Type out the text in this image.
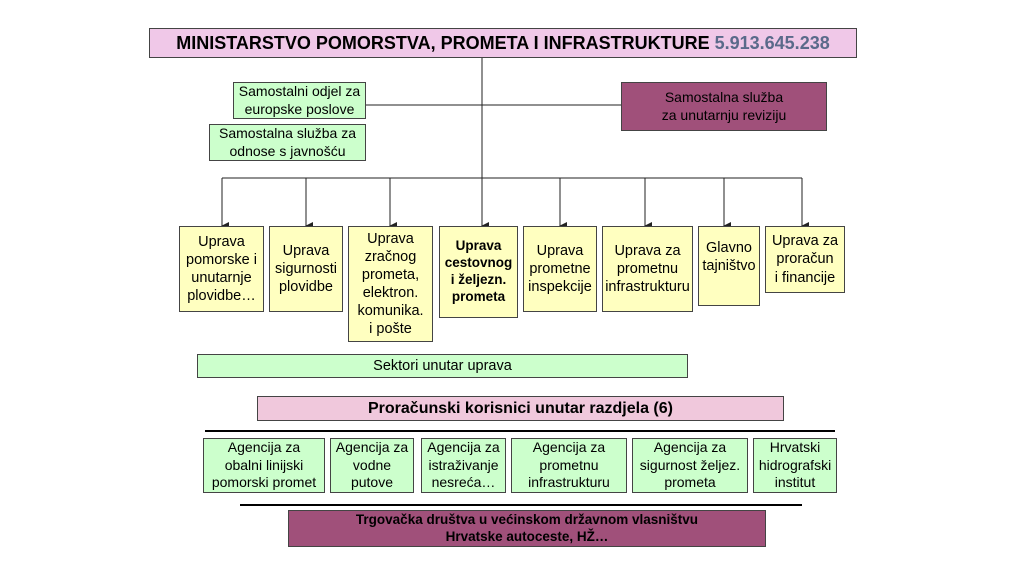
MINISTARSTVO POMORSTVA, PROMETA I INFRASTRUKTURE
5.913.645.238
Samostalni odjel za
europske poslove
Samostalna služba za
odnose s javnošću
Samostalna služba
za unutarnju reviziju
Uprava
pomorske i
unutarnje
plovidbe…
Uprava
sigurnosti
plovidbe
Uprava
zračnog
prometa,
elektron.
komunika.
i pošte
Uprava
cestovnog
i željezn.
prometa
Uprava
prometne
inspekcije
Uprava za
prometnu
infrastrukturu
Glavno
tajništvo
Uprava za
proračun
i financije
Sektori unutar uprava
Proračunski korisnici unutar razdjela (6)
Agencija za
obalni linijski
pomorski promet
Agencija za
vodne
putove
Agencija za
istraživanje
nesreća…
Agencija za
prometnu
infrastrukturu
Agencija za
sigurnost željez.
prometa
Hrvatski
hidrografski
institut
Trgovačka društva u većinskom državnom vlasništvu
Hrvatske autoceste, HŽ…
